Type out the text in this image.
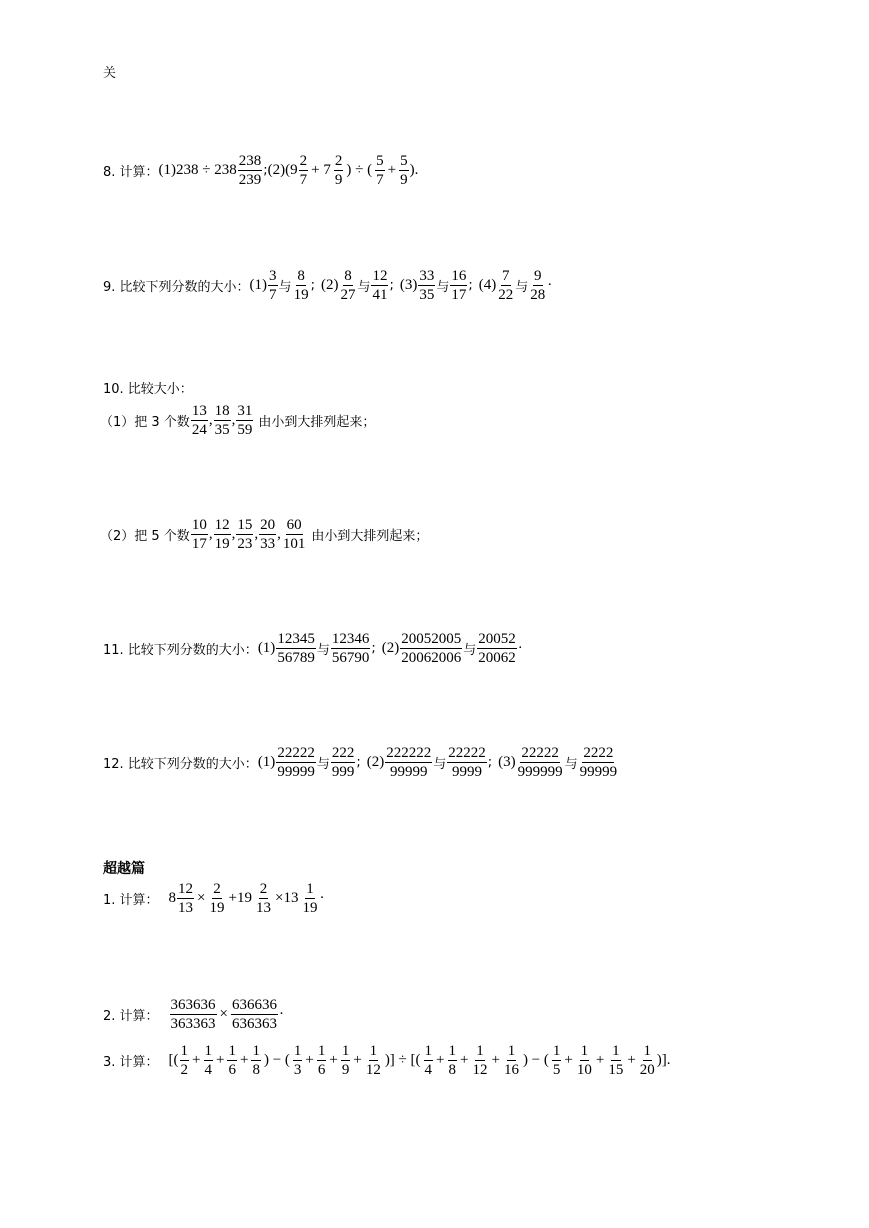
关
8. 计算： $(1)238 \div 238 \frac{238}{239}$ ; $(2)(9 \frac{2}{7} + 7 \frac{2}{9}$ ) ÷ ( $\frac{5}{7} + \frac{5}{9}$ ).
9. 比较下列分数的大小： $(1) \frac{3}{7}$ 与 $\frac{8}{19}$ ; $(2) \frac{8}{27}$ 与 $\frac{12}{41}$ ; $(3) \frac{33}{35}$ 与 $\frac{16}{17}$ ; $(4) \frac{7}{22}$ 与 $\frac{9}{28}$ ·
10. 比较大小：
（1）把 3 个数 $\frac{13}{24}$ , $\frac{18}{35}$ , $\frac{31}{59}$ 由小到大排列起来；
（2）把 5 个数 $\frac{10}{17}$ , $\frac{12}{19}$ , $\frac{15}{23}$ , $\frac{20}{33}$ , $\frac{60}{101}$ 由小到大排列起来；
11. 比较下列分数的大小： $(1) \frac{12345}{56789}$ 与 $\frac{12346}{56790}$ ; $(2) \frac{20052005}{20062006}$ 与 $\frac{20052}{20062}$ ·
12. 比较下列分数的大小： $(1) \frac{22222}{99999}$ 与 $\frac{222}{999}$ ; $(2) \frac{222222}{99999}$ 与 $\frac{22222}{9999}$ ; $(3) \frac{22222}{999999}$ 与 $\frac{2222}{99999}$
超越篇
1. 计算： $8 \frac{12}{13} \times \frac{2}{19} +19 \frac{2}{13} \times 13 \frac{1}{19}$ ·
2. 计算： $\frac{363636}{363363} \times \frac{636636}{636363}$ ·
3. 计算： [( $\frac{1}{2} + \frac{1}{4} + \frac{1}{6} + \frac{1}{8}$ ) − ( $\frac{1}{3} + \frac{1}{6} + \frac{1}{9} + \frac{1}{12}$ )] ÷ [( $\frac{1}{4} + \frac{1}{8} + \frac{1}{12} + \frac{1}{16}$ ) − ( $\frac{1}{5} + \frac{1}{10} + \frac{1}{15} + \frac{1}{20}$ )].
